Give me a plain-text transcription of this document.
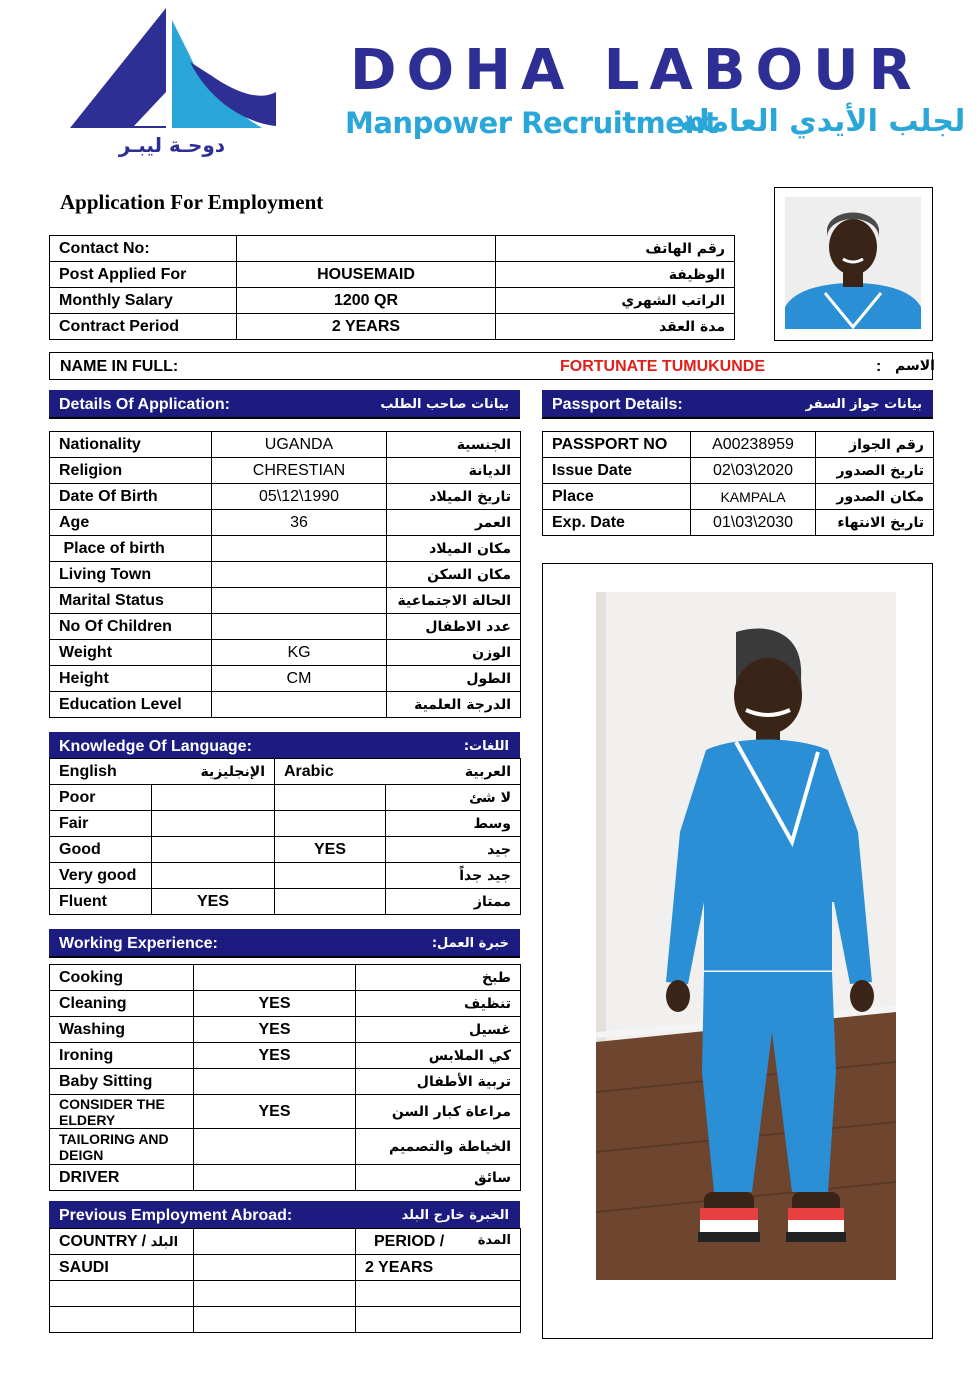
دوحـة ليبـر
DOHA LABOUR
Manpower Recruitment
لجلب الأيدي العاملة
Application For Employment
Contact No:		رقم الهاتف
Post Applied For	HOUSEMAID	الوظيفة
Monthly Salary	1200 QR	الراتب الشهري
Contract Period	2 YEARS	مدة العقد
NAME IN FULL:	FORTUNATE TUMUKUNDE	: الاسم
Details Of Application:	بيانات صاحب الطلب
Nationality	UGANDA	الجنسية
Religion	CHRESTIAN	الديانة
Date Of Birth	05\12\1990	تاريخ الميلاد
Age	36	العمر
Place of birth		مكان الميلاد
Living Town		مكان السكن
Marital Status		الحالة الاجتماعية
No Of Children		عدد الاطفال
Weight	KG	الوزن
Height	CM	الطول
Education Level		الدرجة العلمية
Passport Details:	بيانات جواز السفر
PASSPORT NO	A00238959	رقم الجواز
Issue Date	02\03\2020	تاريخ الصدور
Place	KAMPALA	مكان الصدور
Exp. Date	01\03\2030	تاريخ الانتهاء
Knowledge Of Language:	اللغات:
English	الإنجليزية	Arabic	العربية
Poor			لا شئ
Fair			وسط
Good		YES	جيد
Very good			جيد جداً
Fluent	YES		ممتاز
Working Experience:	خبرة العمل:
Cooking		طبخ
Cleaning	YES	تنظيف
Washing	YES	غسيل
Ironing	YES	كي الملابس
Baby Sitting		تربية الأطفال
CONSIDER THE ELDERY	YES	مراعاة كبار السن
TAILORING AND DEIGN		الخياطة والتصميم
DRIVER		سائق
Previous Employment Abroad:	الخبرة خارج البلد
COUNTRY / البلد		PERIOD / المدة

SAUDI		2 YEARS
